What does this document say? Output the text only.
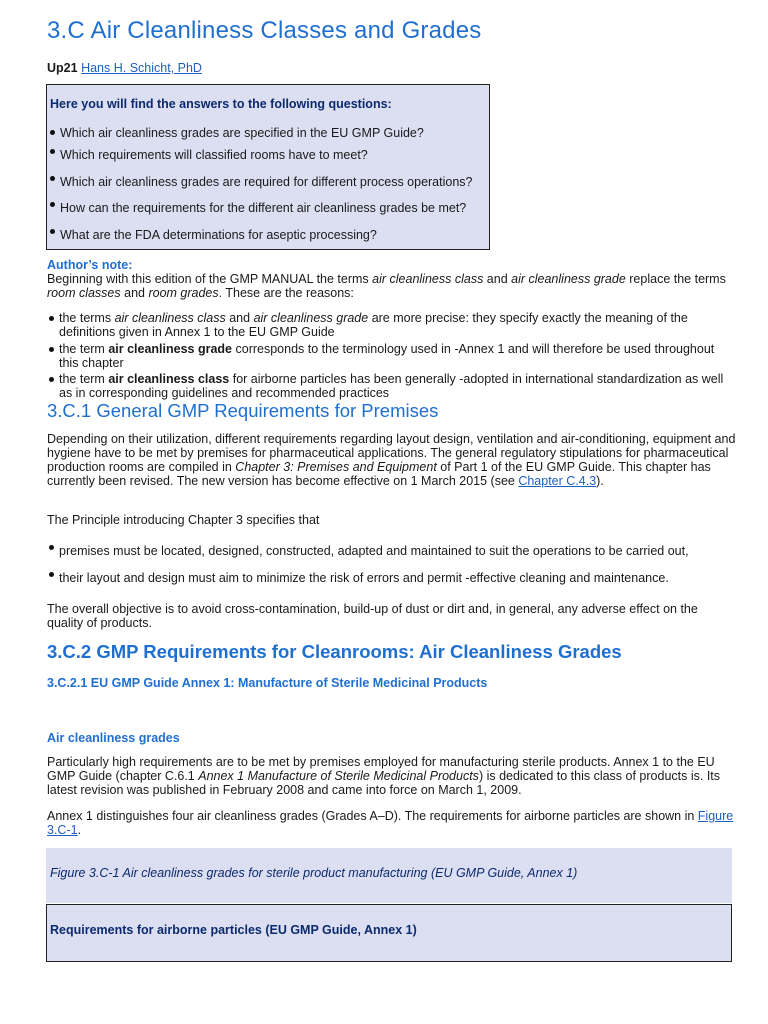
3.C Air Cleanliness Classes and Grades
Up21 Hans H. Schicht, PhD
Here you will find the answers to the following questions:
Which air cleanliness grades are specified in the EU GMP Guide?
Which requirements will classified rooms have to meet?
Which air cleanliness grades are required for different process operations?
How can the requirements for the different air cleanliness grades be met?
What are the FDA determinations for aseptic processing?
Author’s note:
Beginning with this edition of the GMP MANUAL the terms air cleanliness class and air cleanliness grade replace the terms room classes and room grades. These are the reasons:
the terms air cleanliness class and air cleanliness grade are more precise: they specify exactly the meaning of the definitions given in Annex 1 to the EU GMP Guide
the term air cleanliness grade corresponds to the terminology used in -Annex 1 and will therefore be used throughout this chapter
the term air cleanliness class for airborne particles has been generally -adopted in international standardization as well as in corresponding guidelines and recommended practices
3.C.1 General GMP Requirements for Premises
Depending on their utilization, different requirements regarding layout design, ventilation and air-conditioning, equipment and hygiene have to be met by premises for pharmaceutical applications. The general regulatory stipulations for pharmaceutical production rooms are compiled in Chapter 3: Premises and Equipment of Part 1 of the EU GMP Guide. This chapter has currently been revised. The new version has become effective on 1 March 2015 (see Chapter C.4.3).
The Principle introducing Chapter 3 specifies that
premises must be located, designed, constructed, adapted and maintained to suit the operations to be carried out,
their layout and design must aim to minimize the risk of errors and permit -effective cleaning and maintenance.
The overall objective is to avoid cross-contamination, build-up of dust or dirt and, in general, any adverse effect on the quality of products.
3.C.2 GMP Requirements for Cleanrooms: Air Cleanliness Grades
3.C.2.1 EU GMP Guide Annex 1: Manufacture of Sterile Medicinal Products
Air cleanliness grades
Particularly high requirements are to be met by premises employed for manufacturing sterile products. Annex 1 to the EU GMP Guide (chapter C.6.1 Annex 1 Manufacture of Sterile Medicinal Products) is dedicated to this class of products is. Its latest revision was published in February 2008 and came into force on March 1, 2009.
Annex 1 distinguishes four air cleanliness grades (Grades A–D). The requirements for airborne particles are shown in Figure 3.C-1.
Figure 3.C-1 Air cleanliness grades for sterile product manufacturing (EU GMP Guide, Annex 1)
Requirements for airborne particles (EU GMP Guide, Annex 1)
